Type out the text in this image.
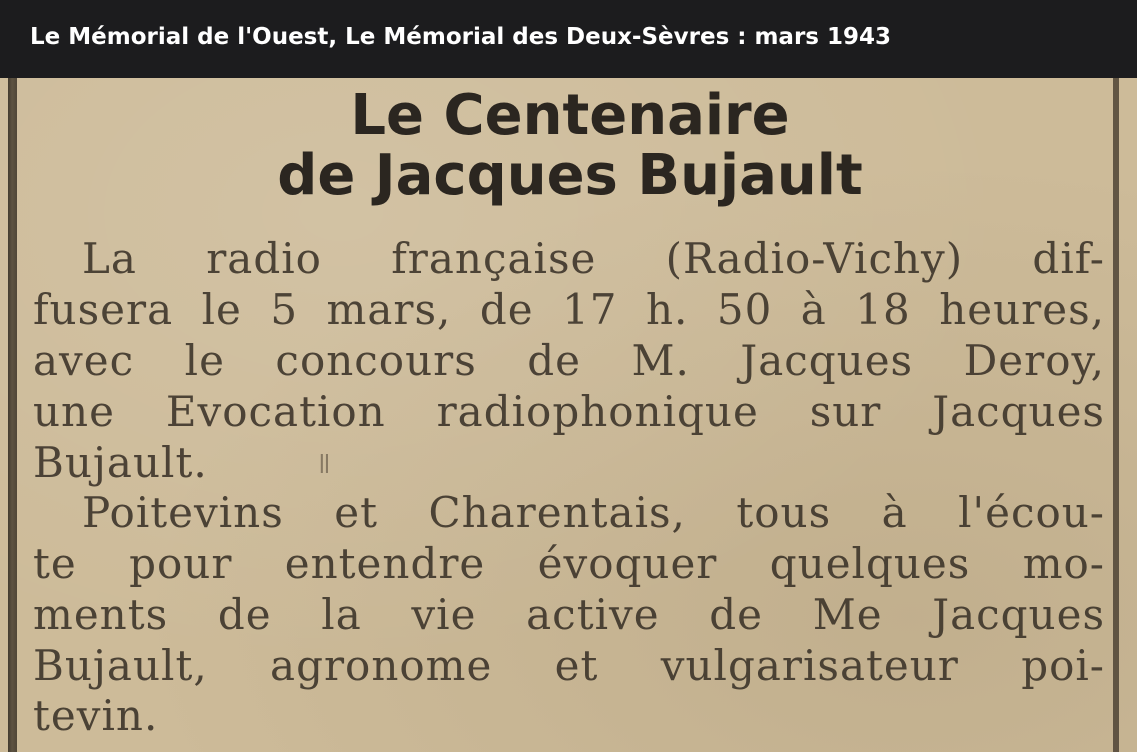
Le Mémorial de l'Ouest, Le Mémorial des Deux-Sèvres : mars 1943
Le Centenaire
de Jacques Bujault
La radio française (Radio-Vichy) dif-
fusera le 5 mars, de 17 h. 50 à 18 heures,
avec le concours de M. Jacques Deroy,
une Evocation radiophonique sur Jacques
Bujault.	ǁ
Poitevins et Charentais, tous à l'écou-
te pour entendre évoquer quelques mo-
ments de la vie active de Me Jacques
Bujault, agronome et vulgarisateur poi-
tevin.
